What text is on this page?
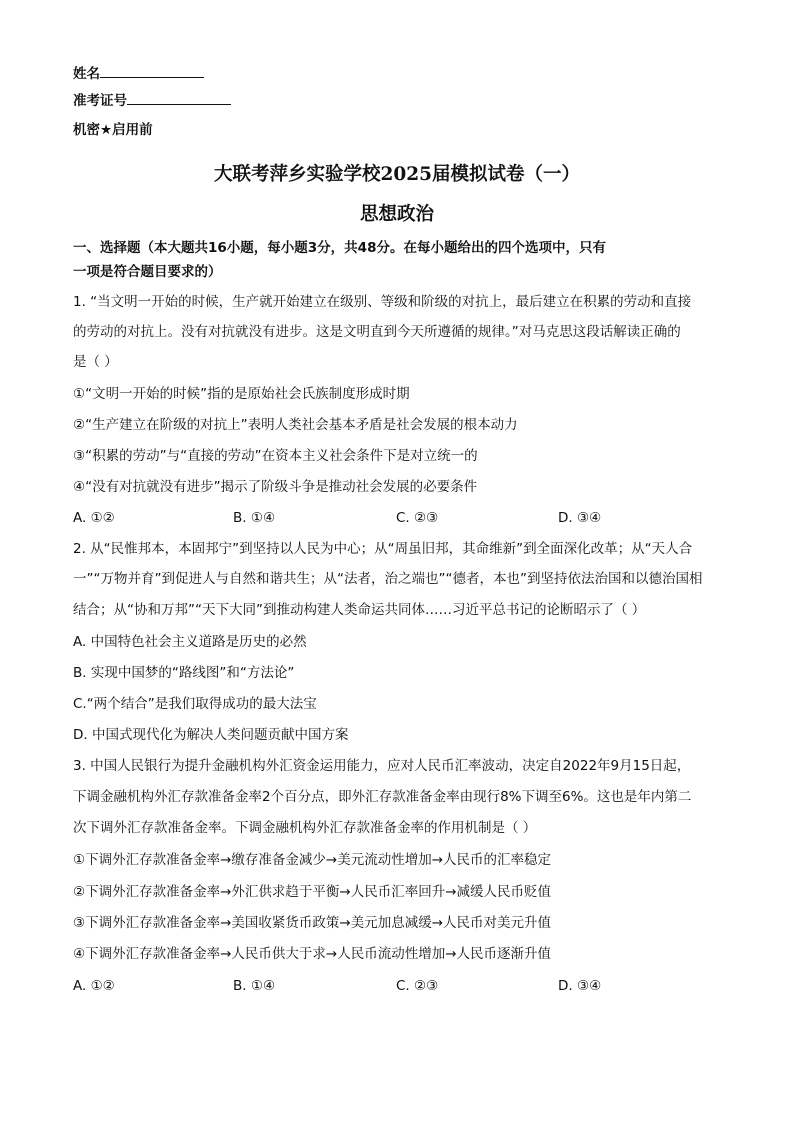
姓名
准考证号
机密★启用前
大联考萍乡实验学校2025届模拟试卷（一）
思想政治
一、选择题（本大题共16小题，每小题3分，共48分。在每小题给出的四个选项中，只有
一项是符合题目要求的）
1. “当文明一开始的时候，生产就开始建立在级别、等级和阶级的对抗上，最后建立在积累的劳动和直接
的劳动的对抗上。没有对抗就没有进步。这是文明直到今天所遵循的规律。”对马克思这段话解读正确的
是（ ）
①“文明一开始的时候”指的是原始社会氏族制度形成时期
②“生产建立在阶级的对抗上”表明人类社会基本矛盾是社会发展的根本动力
③“积累的劳动”与“直接的劳动”在资本主义社会条件下是对立统一的
④“没有对抗就没有进步”揭示了阶级斗争是推动社会发展的必要条件
A. ①②	B. ①④	C. ②③	D. ③④
2. 从“民惟邦本，本固邦宁”到坚持以人民为中心；从“周虽旧邦，其命维新”到全面深化改革；从“天人合
一”“万物并育”到促进人与自然和谐共生；从“法者，治之端也”“德者，本也”到坚持依法治国和以德治国相
结合；从“协和万邦”“天下大同”到推动构建人类命运共同体……习近平总书记的论断昭示了（ ）
A. 中国特色社会主义道路是历史的必然
B. 实现中国梦的“路线图”和“方法论”
C.“两个结合”是我们取得成功的最大法宝
D. 中国式现代化为解决人类问题贡献中国方案
3. 中国人民银行为提升金融机构外汇资金运用能力，应对人民币汇率波动，决定自2022年9月15日起，
下调金融机构外汇存款准备金率2个百分点，即外汇存款准备金率由现行8%下调至6%。这也是年内第二
次下调外汇存款准备金率。下调金融机构外汇存款准备金率的作用机制是（ ）
①下调外汇存款准备金率→缴存准备金减少→美元流动性增加→人民币的汇率稳定
②下调外汇存款准备金率→外汇供求趋于平衡→人民币汇率回升→减缓人民币贬值
③下调外汇存款准备金率→美国收紧货币政策→美元加息减缓→人民币对美元升值
④下调外汇存款准备金率→人民币供大于求→人民币流动性增加→人民币逐渐升值
A. ①②	B. ①④	C. ②③	D. ③④
